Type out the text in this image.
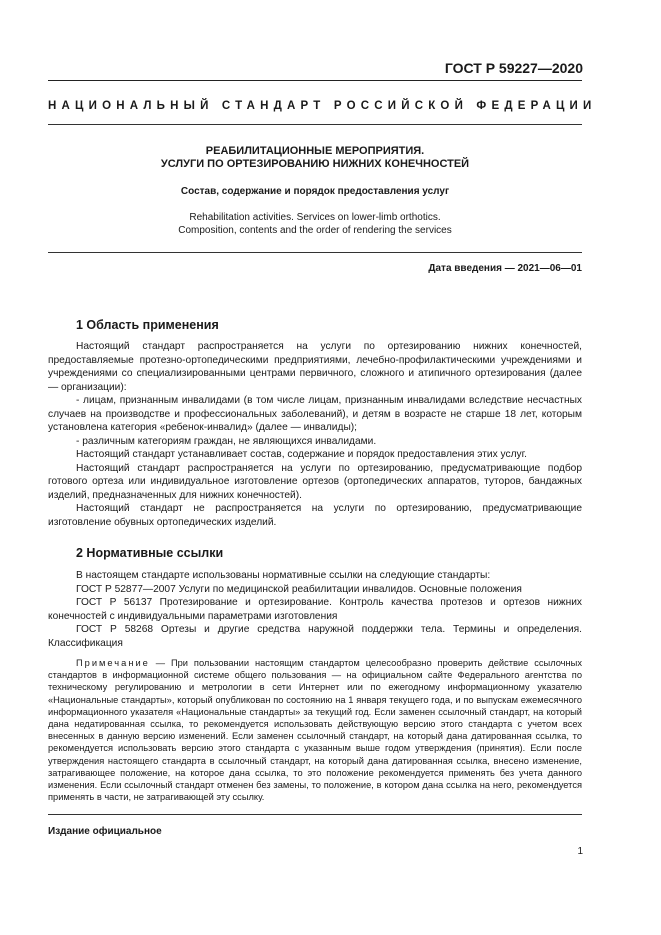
ГОСТ Р 59227—2020
НАЦИОНАЛЬНЫЙ СТАНДАРТ РОССИЙСКОЙ ФЕДЕРАЦИИ
РЕАБИЛИТАЦИОННЫЕ МЕРОПРИЯТИЯ.
УСЛУГИ ПО ОРТЕЗИРОВАНИЮ НИЖНИХ КОНЕЧНОСТЕЙ
Состав, содержание и порядок предоставления услуг
Rehabilitation activities. Services on lower-limb orthotics.
Composition, contents and the order of rendering the services
Дата введения — 2021—06—01
1 Область применения

Настоящий стандарт распространяется на услуги по ортезированию нижних конечностей, предоставляемые протезно-ортопедическими предприятиями, лечебно-профилактическими учреждениями и учреждениями со специализированными центрами первичного, сложного и атипичного ортезирования (далее — организации):

- лицам, признанным инвалидами (в том числе лицам, признанным инвалидами вследствие несчастных случаев на производстве и профессиональных заболеваний), и детям в возрасте не старше 18 лет, которым установлена категория «ребенок-инвалид» (далее — инвалиды);

- различным категориям граждан, не являющихся инвалидами.

Настоящий стандарт устанавливает состав, содержание и порядок предоставления этих услуг.

Настоящий стандарт распространяется на услуги по ортезированию, предусматривающие подбор готового ортеза или индивидуальное изготовление ортезов (ортопедических аппаратов, туторов, бандажных изделий, предназначенных для нижних конечностей).

Настоящий стандарт не распространяется на услуги по ортезированию, предусматривающие изготовление обувных ортопедических изделий.

2 Нормативные ссылки

В настоящем стандарте использованы нормативные ссылки на следующие стандарты:

ГОСТ Р 52877—2007 Услуги по медицинской реабилитации инвалидов. Основные положения

ГОСТ Р 56137 Протезирование и ортезирование. Контроль качества протезов и ортезов нижних конечностей с индивидуальными параметрами изготовления

ГОСТ Р 58268 Ортезы и другие средства наружной поддержки тела. Термины и определения. Классификация

Примечание — При пользовании настоящим стандартом целесообразно проверить действие ссылочных стандартов в информационной системе общего пользования — на официальном сайте Федерального агентства по техническому регулированию и метрологии в сети Интернет или по ежегодному информационному указателю «Национальные стандарты», который опубликован по состоянию на 1 января текущего года, и по выпускам ежемесячного информационного указателя «Национальные стандарты» за текущий год. Если заменен ссылочный стандарт, на который дана недатированная ссылка, то рекомендуется использовать действующую версию этого стандарта с учетом всех внесенных в данную версию изменений. Если заменен ссылочный стандарт, на который дана датированная ссылка, то рекомендуется использовать версию этого стандарта с указанным выше годом утверждения (принятия). Если после утверждения настоящего стандарта в ссылочный стандарт, на который дана датированная ссылка, внесено изменение, затрагивающее положение, на которое дана ссылка, то это положение рекомендуется применять без учета данного изменения. Если ссылочный стандарт отменен без замены, то положение, в котором дана ссылка на него, рекомендуется применять в части, не затрагивающей эту ссылку.

Издание официальное
1
